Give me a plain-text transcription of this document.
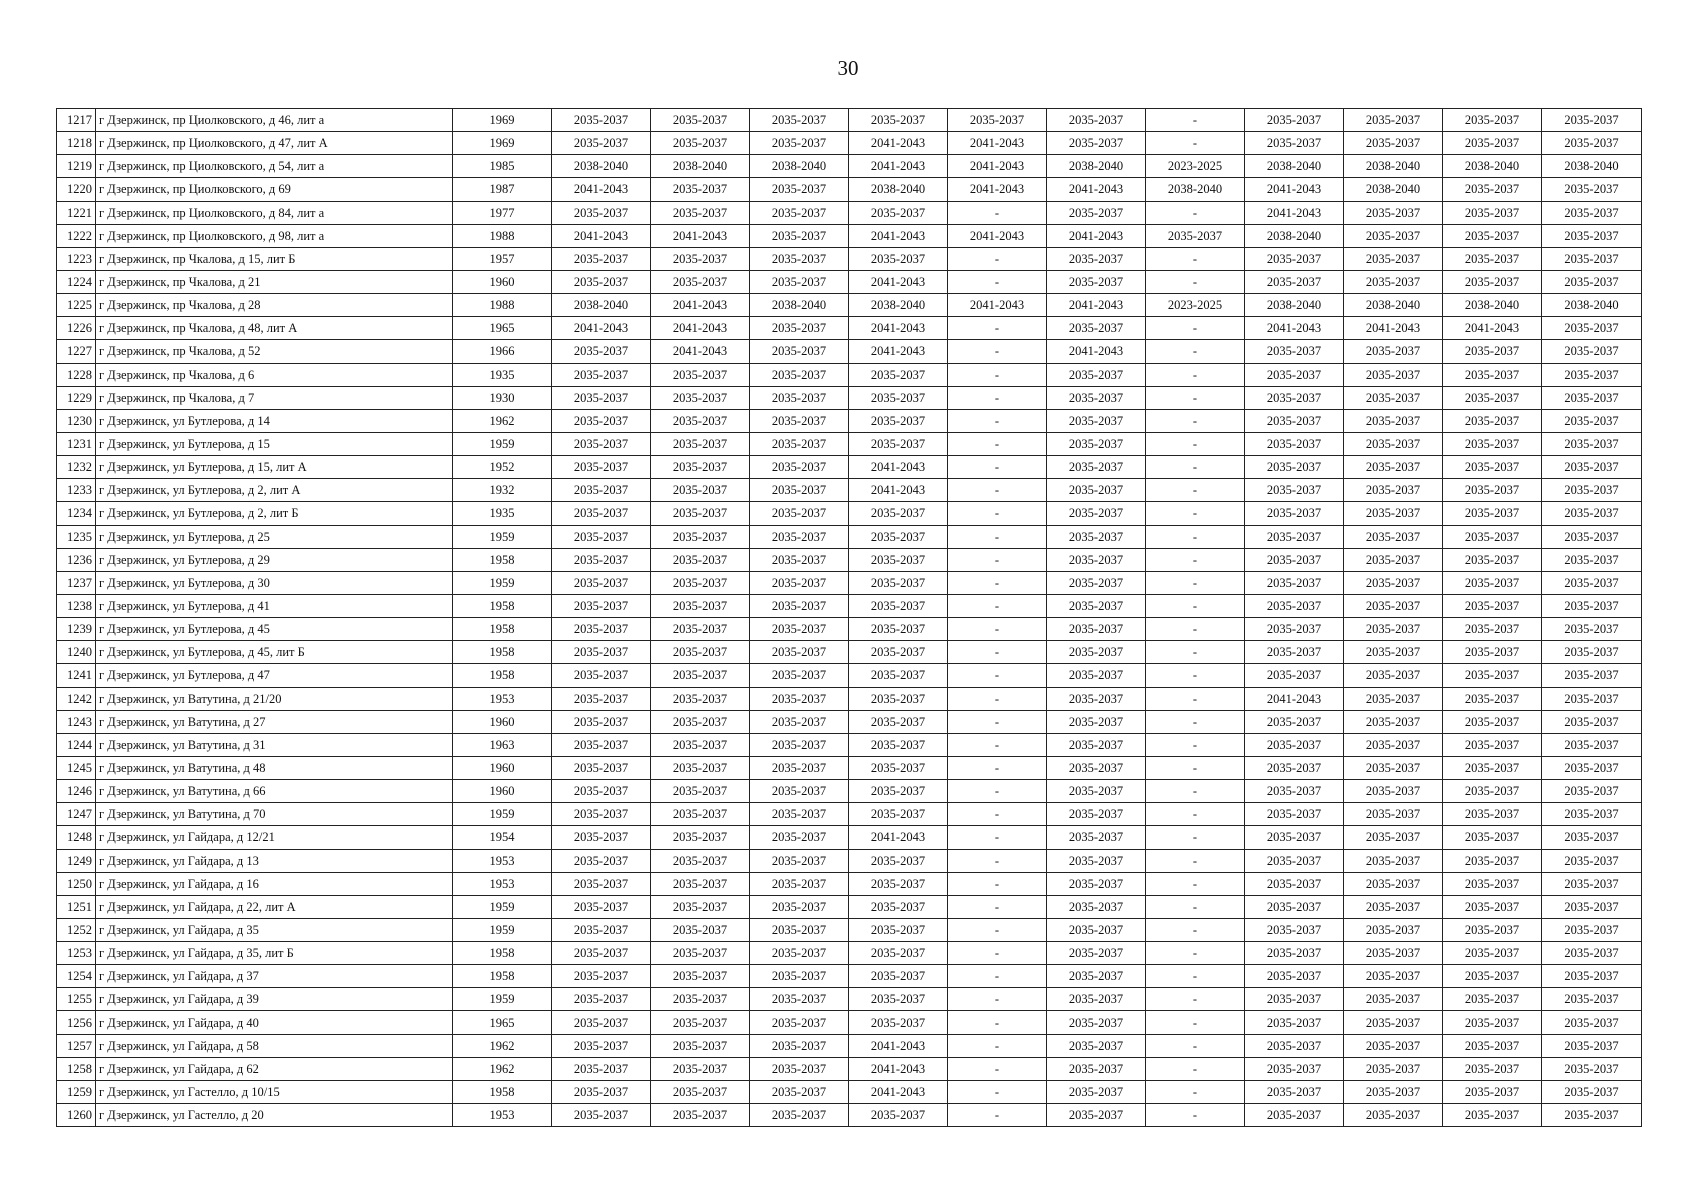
30
1217	г Дзержинск, пр Циолковского, д 46, лит а	1969	2035-2037	2035-2037	2035-2037	2035-2037	2035-2037	2035-2037	-	2035-2037	2035-2037	2035-2037	2035-2037
1218	г Дзержинск, пр Циолковского, д 47, лит А	1969	2035-2037	2035-2037	2035-2037	2041-2043	2041-2043	2035-2037	-	2035-2037	2035-2037	2035-2037	2035-2037
1219	г Дзержинск, пр Циолковского, д 54, лит а	1985	2038-2040	2038-2040	2038-2040	2041-2043	2041-2043	2038-2040	2023-2025	2038-2040	2038-2040	2038-2040	2038-2040
1220	г Дзержинск, пр Циолковского, д 69	1987	2041-2043	2035-2037	2035-2037	2038-2040	2041-2043	2041-2043	2038-2040	2041-2043	2038-2040	2035-2037	2035-2037
1221	г Дзержинск, пр Циолковского, д 84, лит а	1977	2035-2037	2035-2037	2035-2037	2035-2037	-	2035-2037	-	2041-2043	2035-2037	2035-2037	2035-2037
1222	г Дзержинск, пр Циолковского, д 98, лит а	1988	2041-2043	2041-2043	2035-2037	2041-2043	2041-2043	2041-2043	2035-2037	2038-2040	2035-2037	2035-2037	2035-2037
1223	г Дзержинск, пр Чкалова, д 15, лит Б	1957	2035-2037	2035-2037	2035-2037	2035-2037	-	2035-2037	-	2035-2037	2035-2037	2035-2037	2035-2037
1224	г Дзержинск, пр Чкалова, д 21	1960	2035-2037	2035-2037	2035-2037	2041-2043	-	2035-2037	-	2035-2037	2035-2037	2035-2037	2035-2037
1225	г Дзержинск, пр Чкалова, д 28	1988	2038-2040	2041-2043	2038-2040	2038-2040	2041-2043	2041-2043	2023-2025	2038-2040	2038-2040	2038-2040	2038-2040
1226	г Дзержинск, пр Чкалова, д 48, лит А	1965	2041-2043	2041-2043	2035-2037	2041-2043	-	2035-2037	-	2041-2043	2041-2043	2041-2043	2035-2037
1227	г Дзержинск, пр Чкалова, д 52	1966	2035-2037	2041-2043	2035-2037	2041-2043	-	2041-2043	-	2035-2037	2035-2037	2035-2037	2035-2037
1228	г Дзержинск, пр Чкалова, д 6	1935	2035-2037	2035-2037	2035-2037	2035-2037	-	2035-2037	-	2035-2037	2035-2037	2035-2037	2035-2037
1229	г Дзержинск, пр Чкалова, д 7	1930	2035-2037	2035-2037	2035-2037	2035-2037	-	2035-2037	-	2035-2037	2035-2037	2035-2037	2035-2037
1230	г Дзержинск, ул Бутлерова, д 14	1962	2035-2037	2035-2037	2035-2037	2035-2037	-	2035-2037	-	2035-2037	2035-2037	2035-2037	2035-2037
1231	г Дзержинск, ул Бутлерова, д 15	1959	2035-2037	2035-2037	2035-2037	2035-2037	-	2035-2037	-	2035-2037	2035-2037	2035-2037	2035-2037
1232	г Дзержинск, ул Бутлерова, д 15, лит А	1952	2035-2037	2035-2037	2035-2037	2041-2043	-	2035-2037	-	2035-2037	2035-2037	2035-2037	2035-2037
1233	г Дзержинск, ул Бутлерова, д 2, лит А	1932	2035-2037	2035-2037	2035-2037	2041-2043	-	2035-2037	-	2035-2037	2035-2037	2035-2037	2035-2037
1234	г Дзержинск, ул Бутлерова, д 2, лит Б	1935	2035-2037	2035-2037	2035-2037	2035-2037	-	2035-2037	-	2035-2037	2035-2037	2035-2037	2035-2037
1235	г Дзержинск, ул Бутлерова, д 25	1959	2035-2037	2035-2037	2035-2037	2035-2037	-	2035-2037	-	2035-2037	2035-2037	2035-2037	2035-2037
1236	г Дзержинск, ул Бутлерова, д 29	1958	2035-2037	2035-2037	2035-2037	2035-2037	-	2035-2037	-	2035-2037	2035-2037	2035-2037	2035-2037
1237	г Дзержинск, ул Бутлерова, д 30	1959	2035-2037	2035-2037	2035-2037	2035-2037	-	2035-2037	-	2035-2037	2035-2037	2035-2037	2035-2037
1238	г Дзержинск, ул Бутлерова, д 41	1958	2035-2037	2035-2037	2035-2037	2035-2037	-	2035-2037	-	2035-2037	2035-2037	2035-2037	2035-2037
1239	г Дзержинск, ул Бутлерова, д 45	1958	2035-2037	2035-2037	2035-2037	2035-2037	-	2035-2037	-	2035-2037	2035-2037	2035-2037	2035-2037
1240	г Дзержинск, ул Бутлерова, д 45, лит Б	1958	2035-2037	2035-2037	2035-2037	2035-2037	-	2035-2037	-	2035-2037	2035-2037	2035-2037	2035-2037
1241	г Дзержинск, ул Бутлерова, д 47	1958	2035-2037	2035-2037	2035-2037	2035-2037	-	2035-2037	-	2035-2037	2035-2037	2035-2037	2035-2037
1242	г Дзержинск, ул Ватутина, д 21/20	1953	2035-2037	2035-2037	2035-2037	2035-2037	-	2035-2037	-	2041-2043	2035-2037	2035-2037	2035-2037
1243	г Дзержинск, ул Ватутина, д 27	1960	2035-2037	2035-2037	2035-2037	2035-2037	-	2035-2037	-	2035-2037	2035-2037	2035-2037	2035-2037
1244	г Дзержинск, ул Ватутина, д 31	1963	2035-2037	2035-2037	2035-2037	2035-2037	-	2035-2037	-	2035-2037	2035-2037	2035-2037	2035-2037
1245	г Дзержинск, ул Ватутина, д 48	1960	2035-2037	2035-2037	2035-2037	2035-2037	-	2035-2037	-	2035-2037	2035-2037	2035-2037	2035-2037
1246	г Дзержинск, ул Ватутина, д 66	1960	2035-2037	2035-2037	2035-2037	2035-2037	-	2035-2037	-	2035-2037	2035-2037	2035-2037	2035-2037
1247	г Дзержинск, ул Ватутина, д 70	1959	2035-2037	2035-2037	2035-2037	2035-2037	-	2035-2037	-	2035-2037	2035-2037	2035-2037	2035-2037
1248	г Дзержинск, ул Гайдара, д 12/21	1954	2035-2037	2035-2037	2035-2037	2041-2043	-	2035-2037	-	2035-2037	2035-2037	2035-2037	2035-2037
1249	г Дзержинск, ул Гайдара, д 13	1953	2035-2037	2035-2037	2035-2037	2035-2037	-	2035-2037	-	2035-2037	2035-2037	2035-2037	2035-2037
1250	г Дзержинск, ул Гайдара, д 16	1953	2035-2037	2035-2037	2035-2037	2035-2037	-	2035-2037	-	2035-2037	2035-2037	2035-2037	2035-2037
1251	г Дзержинск, ул Гайдара, д 22, лит А	1959	2035-2037	2035-2037	2035-2037	2035-2037	-	2035-2037	-	2035-2037	2035-2037	2035-2037	2035-2037
1252	г Дзержинск, ул Гайдара, д 35	1959	2035-2037	2035-2037	2035-2037	2035-2037	-	2035-2037	-	2035-2037	2035-2037	2035-2037	2035-2037
1253	г Дзержинск, ул Гайдара, д 35, лит Б	1958	2035-2037	2035-2037	2035-2037	2035-2037	-	2035-2037	-	2035-2037	2035-2037	2035-2037	2035-2037
1254	г Дзержинск, ул Гайдара, д 37	1958	2035-2037	2035-2037	2035-2037	2035-2037	-	2035-2037	-	2035-2037	2035-2037	2035-2037	2035-2037
1255	г Дзержинск, ул Гайдара, д 39	1959	2035-2037	2035-2037	2035-2037	2035-2037	-	2035-2037	-	2035-2037	2035-2037	2035-2037	2035-2037
1256	г Дзержинск, ул Гайдара, д 40	1965	2035-2037	2035-2037	2035-2037	2035-2037	-	2035-2037	-	2035-2037	2035-2037	2035-2037	2035-2037
1257	г Дзержинск, ул Гайдара, д 58	1962	2035-2037	2035-2037	2035-2037	2041-2043	-	2035-2037	-	2035-2037	2035-2037	2035-2037	2035-2037
1258	г Дзержинск, ул Гайдара, д 62	1962	2035-2037	2035-2037	2035-2037	2041-2043	-	2035-2037	-	2035-2037	2035-2037	2035-2037	2035-2037
1259	г Дзержинск, ул Гастелло, д 10/15	1958	2035-2037	2035-2037	2035-2037	2041-2043	-	2035-2037	-	2035-2037	2035-2037	2035-2037	2035-2037
1260	г Дзержинск, ул Гастелло, д 20	1953	2035-2037	2035-2037	2035-2037	2035-2037	-	2035-2037	-	2035-2037	2035-2037	2035-2037	2035-2037
